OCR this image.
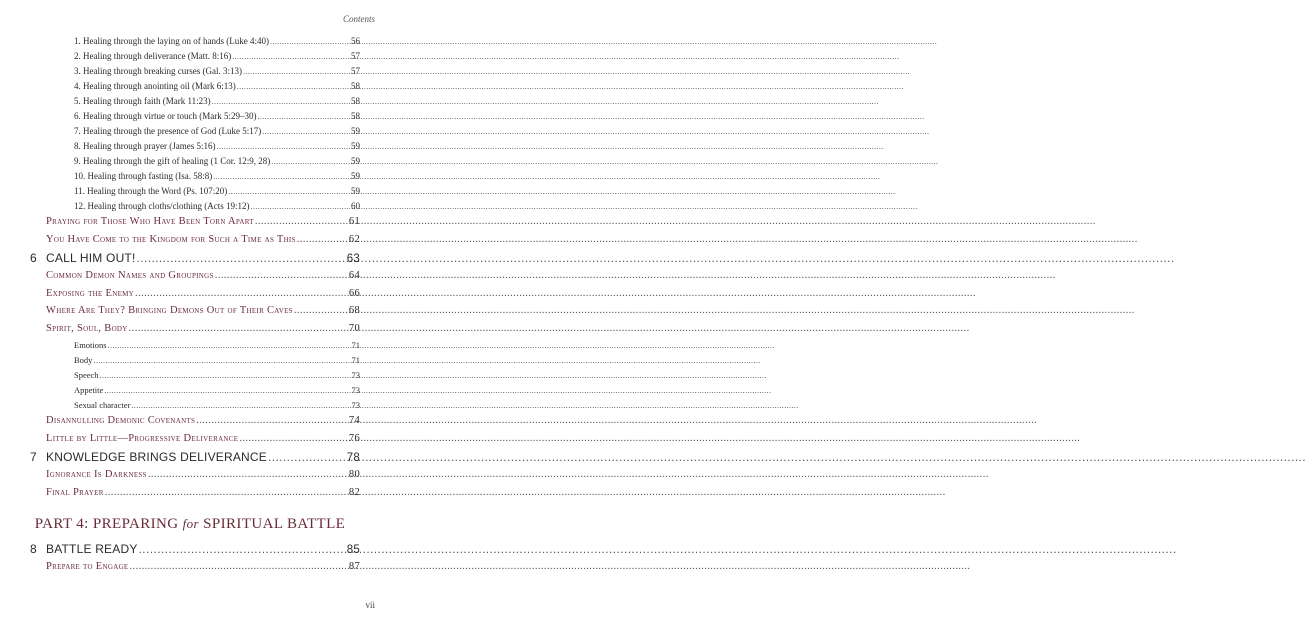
Contents
1. Healing through the laying on of hands (Luke 4:40) .....	56
2. Healing through deliverance (Matt. 8:16) .....	57
3. Healing through breaking curses (Gal. 3:13) .....	57
4. Healing through anointing oil (Mark 6:13) .....	58
5. Healing through faith (Mark 11:23) .....	58
6. Healing through virtue or touch (Mark 5:29–30) .....	58
7. Healing through the presence of God (Luke 5:17) .....	59
8. Healing through prayer (James 5:16) .....	59
9. Healing through the gift of healing (1 Cor. 12:9, 28) .....	59
10. Healing through fasting (Isa. 58:8) .....	59
11. Healing through the Word (Ps. 107:20) .....	59
12. Healing through cloths/clothing (Acts 19:12) .....	60
Praying for Those Who Have Been Torn Apart .....	61
You Have Come to the Kingdom for Such a Time as This .....	62
6 CALL HIM OUT! .....	63
Common Demon Names and Groupings .....	64
Exposing the Enemy .....	66
Where Are They? Bringing Demons Out of Their Caves .....	68
Spirit, Soul, Body .....	70
Emotions .....	71
Body .....	71
Speech .....	73
Appetite .....	73
Sexual character .....	73
Disannulling Demonic Covenants .....	74
Little by Little—Progressive Deliverance .....	76
7 KNOWLEDGE BRINGS DELIVERANCE .....	78
Ignorance Is Darkness .....	80
Final Prayer .....	82
PART 4: PREPARING for SPIRITUAL BATTLE
8 BATTLE READY .....	85
Prepare to Engage .....	87
vii
